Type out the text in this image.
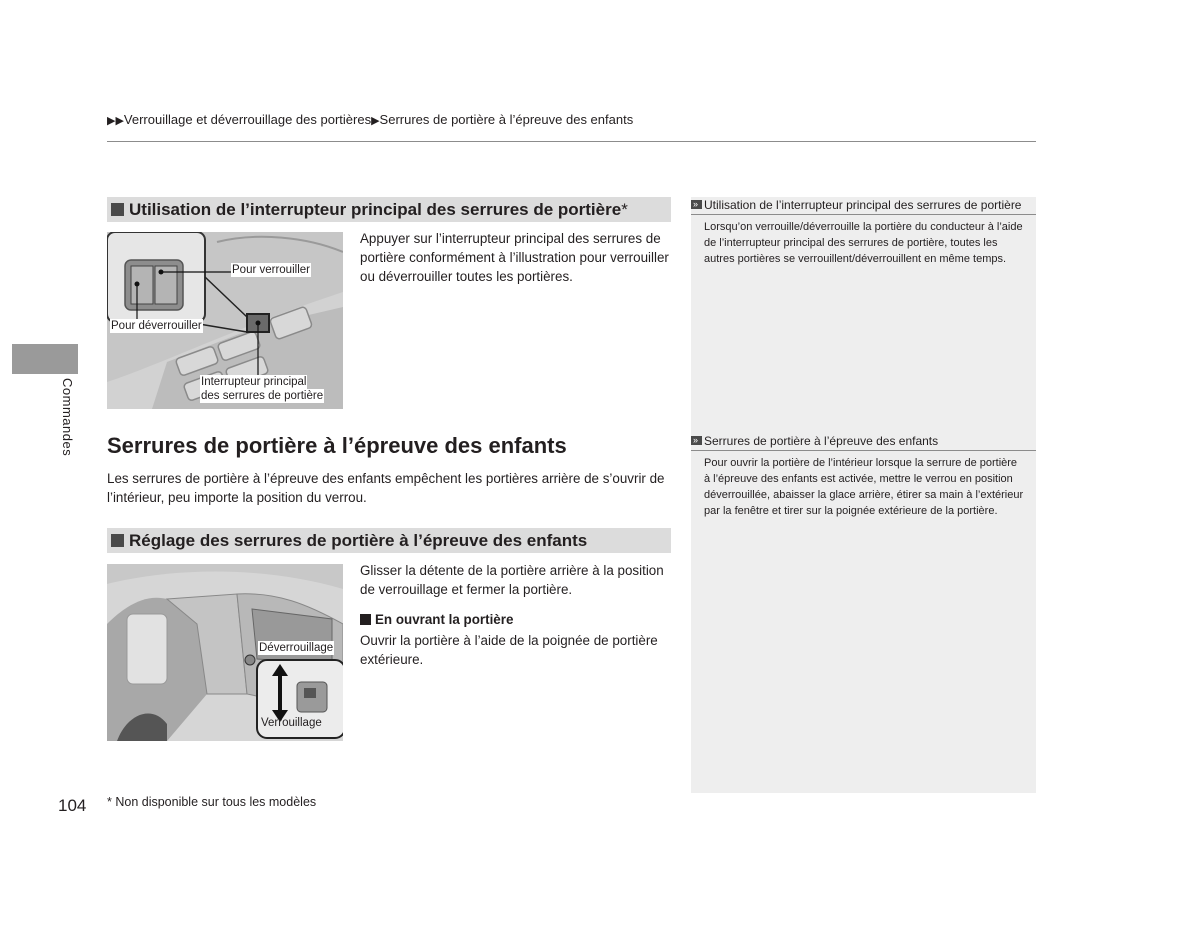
▶▶Verrouillage et déverrouillage des portières▶Serrures de portière à l’épreuve des enfants
Commandes
Utilisation de l’interrupteur principal des serrures de portière*
Pour verrouiller
Pour déverrouiller
Interrupteur principal
des serrures de portière
Appuyer sur l’interrupteur principal des serrures de portière conformément à l’illustration pour verrouiller ou déverrouiller toutes les portières.
Serrures de portière à l’épreuve des enfants
Les serrures de portière à l’épreuve des enfants empêchent les portières arrière de s’ouvrir de l’intérieur, peu importe la position du verrou.
Réglage des serrures de portière à l’épreuve des enfants
Déverrouillage
Verrouillage
Glisser la détente de la portière arrière à la position de verrouillage et fermer la portière.
En ouvrant la portière
Ouvrir la portière à l’aide de la poignée de portière extérieure.
»Utilisation de l’interrupteur principal des serrures de portière
Lorsqu’on verrouille/déverrouille la portière du conducteur à l’aide de l’interrupteur principal des serrures de portière, toutes les autres portières se verrouillent/déverrouillent en même temps.
»Serrures de portière à l’épreuve des enfants
Pour ouvrir la portière de l’intérieur lorsque la serrure de portière à l’épreuve des enfants est activée, mettre le verrou en position déverrouillée, abaisser la glace arrière, étirer sa main à l’extérieur par la fenêtre et tirer sur la poignée extérieure de la portière.
104 * Non disponible sur tous les modèles
